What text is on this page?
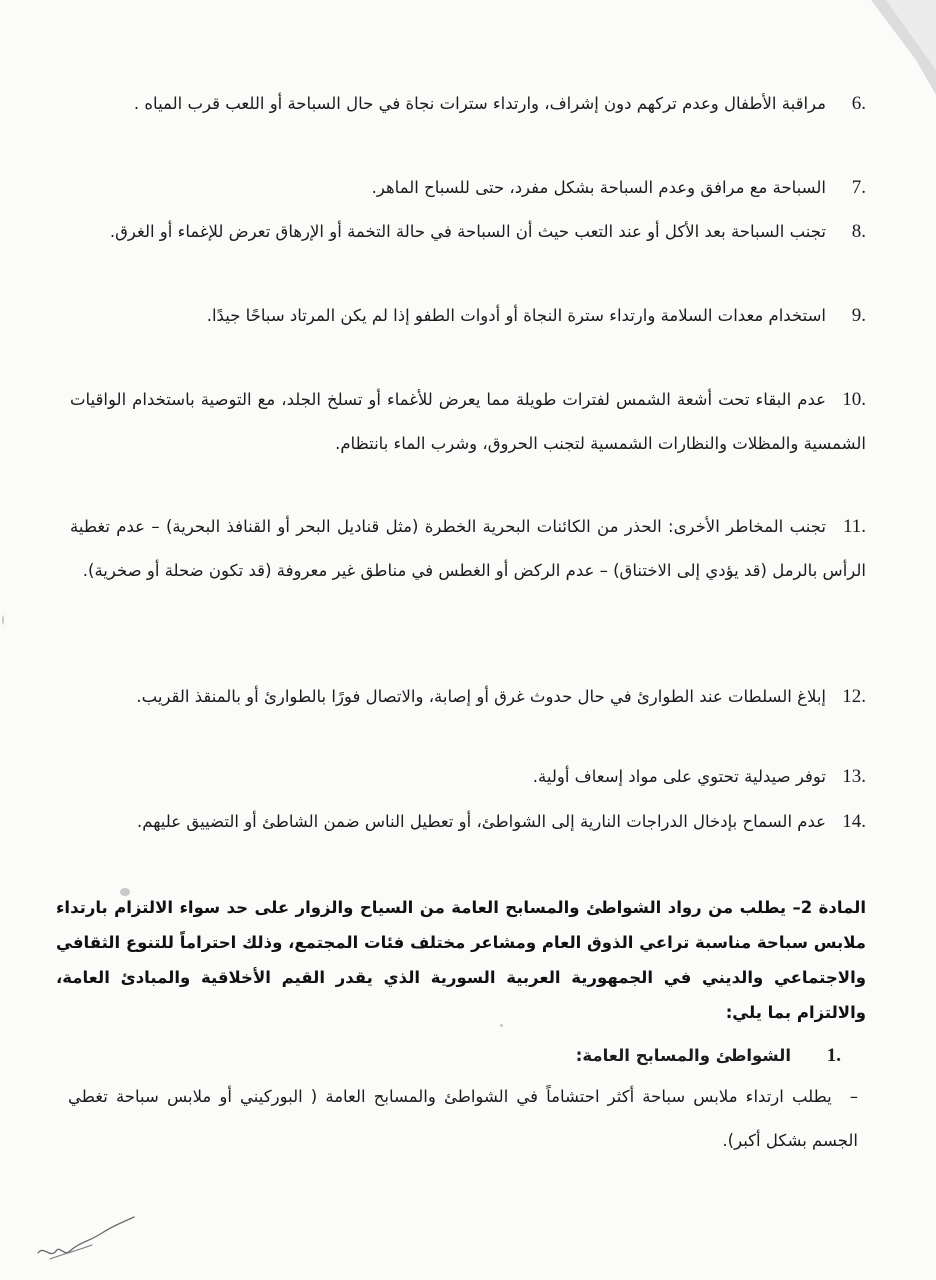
6.مراقبة الأطفال وعدم تركهم دون إشراف، وارتداء سترات نجاة في حال السباحة أو اللعب قرب المياه .
7.السباحة مع مرافق وعدم السباحة بشكل مفرد، حتى للسباح الماهر.
8.تجنب السباحة بعد الأكل أو عند التعب حيث أن السباحة في حالة التخمة أو الإرهاق تعرض للإغماء أو الغرق.
9.استخدام معدات السلامة وارتداء سترة النجاة أو أدوات الطفو إذا لم يكن المرتاد سباحًا جيدًا.
10.عدم البقاء تحت أشعة الشمس لفترات طويلة مما يعرض للأغماء أو تسلخ الجلد، مع التوصية باستخدام الواقيات الشمسية والمظلات والنظارات الشمسية لتجنب الحروق، وشرب الماء بانتظام.
11.تجنب المخاطر الأخرى: الحذر من الكائنات البحرية الخطرة (مثل قناديل البحر أو القنافذ البحرية) – عدم تغطية الرأس بالرمل (قد يؤدي إلى الاختناق) – عدم الركض أو الغطس في مناطق غير معروفة (قد تكون ضحلة أو صخرية).
12.إبلاغ السلطات عند الطوارئ في حال حدوث غرق أو إصابة، والاتصال فورًا بالطوارئ أو بالمنقذ القريب.
13.توفر صيدلية تحتوي على مواد إسعاف أولية.
14.عدم السماح بإدخال الدراجات النارية إلى الشواطئ، أو تعطيل الناس ضمن الشاطئ أو التضييق عليهم.
المادة 2– يطلب من رواد الشواطئ والمسابح العامة من السياح والزوار على حد سواء الالتزام بارتداء ملابس سباحة مناسبة تراعي الذوق العام ومشاعر مختلف فئات المجتمع، وذلك احتراماً للتنوع الثقافي والاجتماعي والديني في الجمهورية العربية السورية الذي يقدر القيم الأخلاقية والمبادئ العامة، والالتزام بما يلي:
1.الشواطئ والمسابح العامة:
–يطلب ارتداء ملابس سباحة أكثر احتشاماً في الشواطئ والمسابح العامة ( البوركيني أو ملابس سباحة تغطي الجسم بشكل أكبر).
